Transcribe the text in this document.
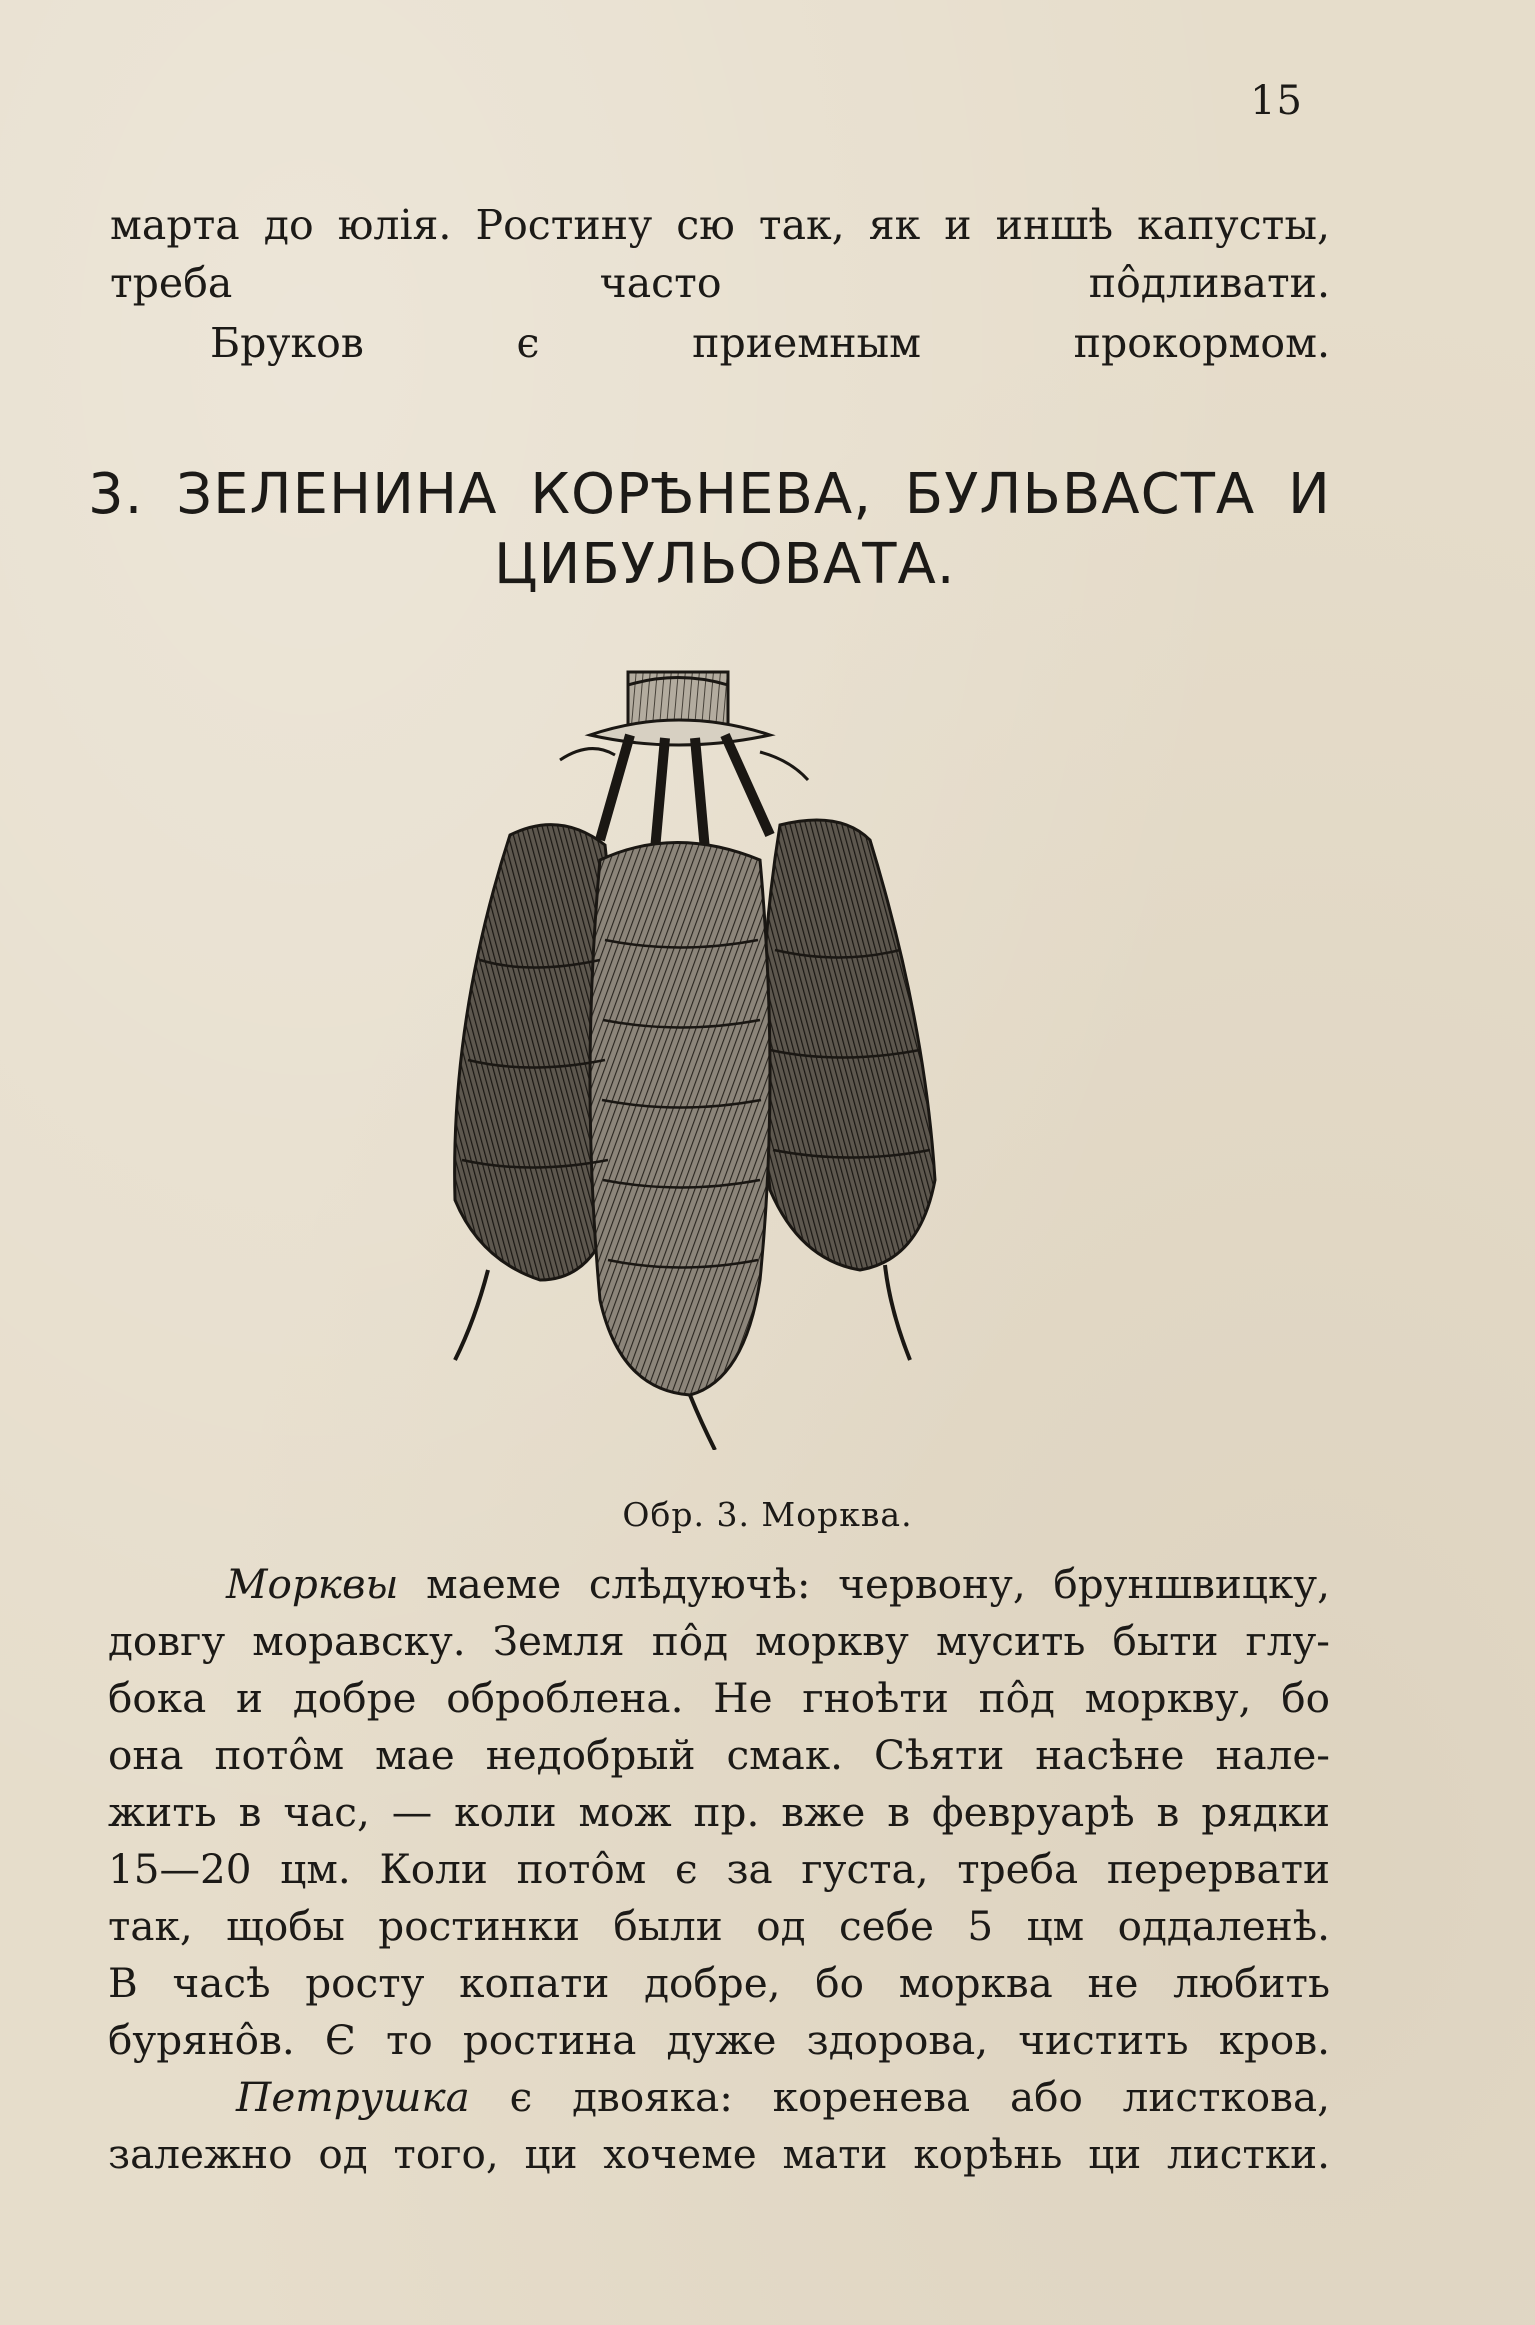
15
марта до юлія. Ростину сю так, як и иншѣ капусты,
треба часто пôдливати.
Бруков є приемным прокормом.
3. ЗЕЛЕНИНА КОРѢНЕВА, БУЛЬВАСТА И
ЦИБУЛЬОВАТА.
Обр. 3. Морква.
Морквы маеме слѣдуючѣ: червону, бруншвицку,
довгу моравску. Земля пôд моркву мусить быти глу-
бока и добре оброблена. Не гноѣти пôд моркву, бо
она потôм мае недобрый смак. Сѣяти насѣне нале-
жить в час, — коли мож пр. вже в февруарѣ в рядки
15—20 цм. Коли потôм є за густа, треба перервати
так, щобы ростинки были од себе 5 цм оддаленѣ.
В часѣ росту копати добре, бо морква не любить
бурянôв. Є то ростина дуже здорова, чистить кров.
Петрушка є двояка: коренева або листкова,
залежно од того, ци хочеме мати корѣнь ци листки.
